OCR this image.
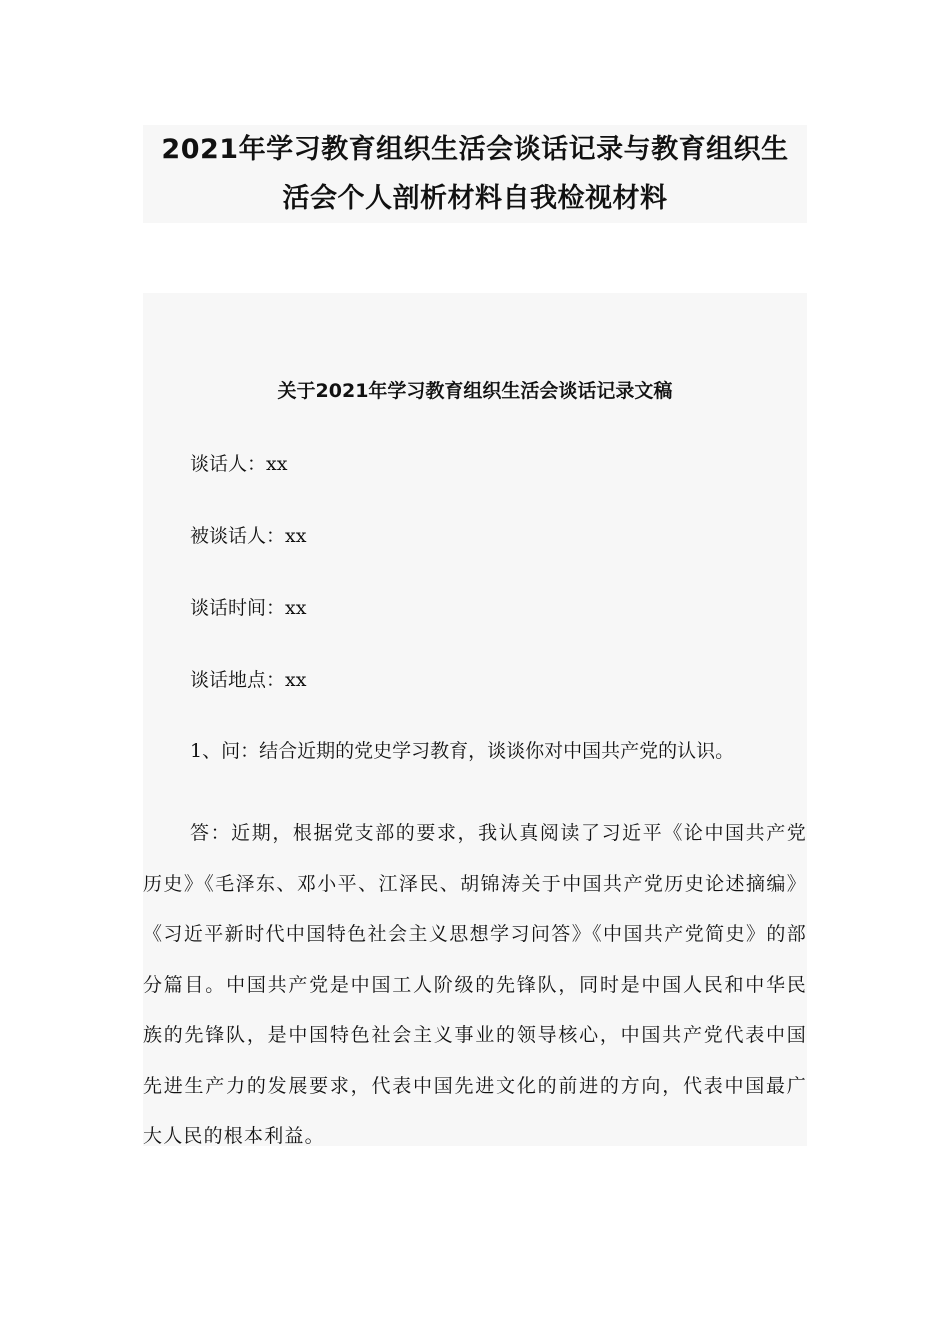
2021年学习教育组织生活会谈话记录与教育组织生

活会个人剖析材料自我检视材料

关于2021年学习教育组织生活会谈话记录文稿

谈话人：xx

被谈话人：xx

谈话时间：xx

谈话地点：xx

1、问：结合近期的党史学习教育，谈谈你对中国共产党的认识。

答：近期，根据党支部的要求，我认真阅读了习近平《论中国共产党历史》《毛泽东、邓小平、江泽民、胡锦涛关于中国共产党历史论述摘编》《习近平新时代中国特色社会主义思想学习问答》《中国共产党简史》的部分篇目。中国共产党是中国工人阶级的先锋队，同时是中国人民和中华民族的先锋队，是中国特色社会主义事业的领导核心，中国共产党代表中国先进生产力的发展要求，代表中国先进文化的前进的方向，代表中国最广大人民的根本利益。
